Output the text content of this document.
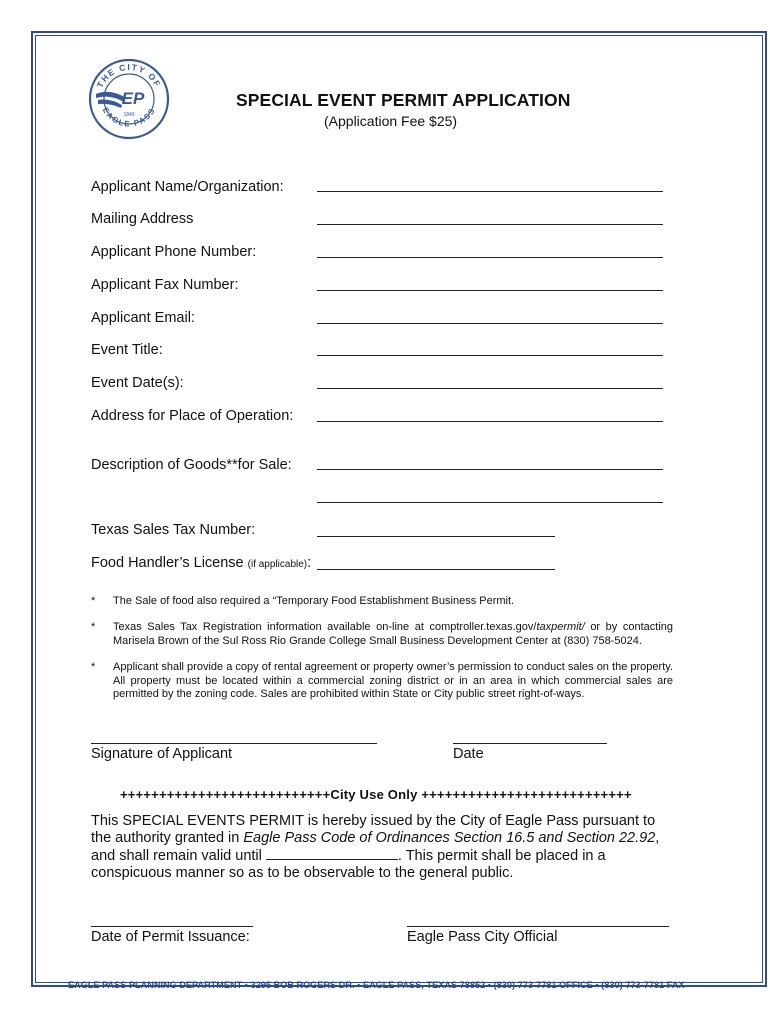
THE CITY OF
EAGLE PASS
EP
1849
SPECIAL EVENT PERMIT APPLICATION
(Application Fee $25)
Applicant Name/Organization:
Mailing Address
Applicant Phone Number:
Applicant Fax Number:
Applicant Email:
Event Title:
Event Date(s):
Address for Place of Operation:
Description of Goods**for Sale:
Texas Sales Tax Number:
Food Handler’s License (if applicable):
* The Sale of food also required a “Temporary Food Establishment Business Permit.
* Texas Sales Tax Registration information available on-line at comptroller.texas.gov/taxpermit/ or by contacting Marisela Brown of the Sul Ross Rio Grande College Small Business Development Center at (830) 758-5024.
* Applicant shall provide a copy of rental agreement or property owner’s permission to conduct sales on the property. All property must be located within a commercial zoning district or in an area in which commercial sales are permitted by the zoning code. Sales are prohibited within State or City public street right-of-ways.
Signature of Applicant	Date
+++++++++++++++++++++++++++City Use Only +++++++++++++++++++++++++++
This SPECIAL EVENTS PERMIT is hereby issued by the City of Eagle Pass pursuant to the authority granted in Eagle Pass Code of Ordinances Section 16.5 and Section 22.92, and shall remain valid until	. This permit shall be placed in a conspicuous manner so as to be observable to the general public.
Date of Permit Issuance:	Eagle Pass City Official
EAGLE PASS PLANNING DEPARTMENT • 3295 BOB ROGERS DR. • EAGLE PASS, TEXAS 78852 • (830) 773-7781 OFFICE • (830) 773-7781 FAX
